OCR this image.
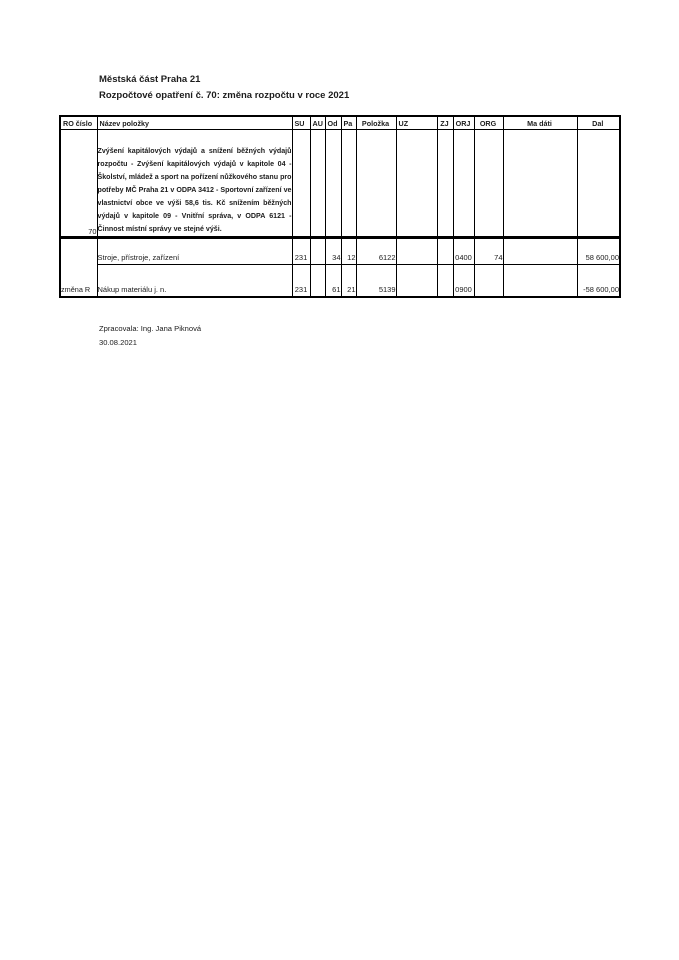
Městská část Praha 21
Rozpočtové opatření č. 70: změna rozpočtu v roce 2021
RO číslo	Název položky	SU	AU	Od	Pa	Položka	UZ	ZJ	ORJ	ORG	Ma dáti	Dal
70	Zvýšení kapitálových výdajů a snížení běžných výdajů rozpočtu - Zvýšení kapitálových výdajů v kapitole 04 - Školství, mládež a sport na pořízení nůžkového stanu pro potřeby MČ Praha 21 v ODPA 3412 - Sportovní zařízení ve vlastnictví obce ve výši 58,6 tis. Kč snížením běžných výdajů v kapitole 09 - Vnitřní správa, v ODPA 6121 - Činnost místní správy ve stejné výši.											

změna R	Stroje, přístroje, zařízení	231		34	12	6122			0400	74		58 600,00
	Nákup materiálu j. n.	231		61	21	5139			0900			-58 600,00
Zpracovala: Ing. Jana Piknová
30.08.2021
